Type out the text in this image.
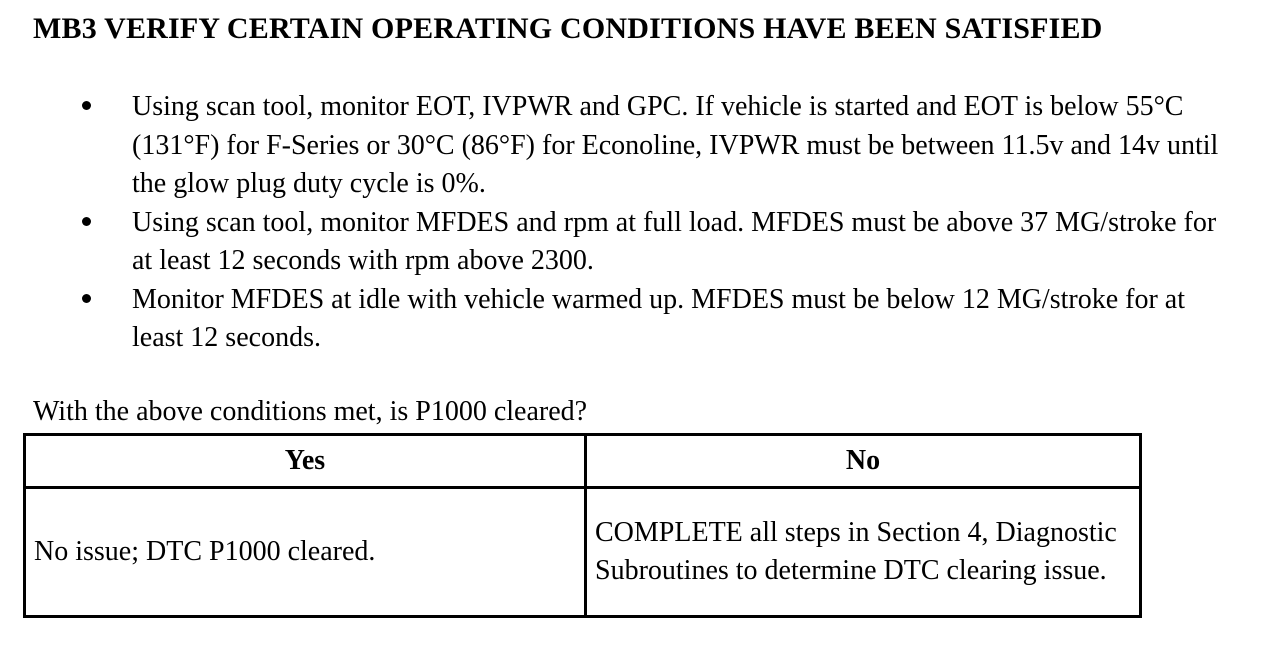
MB3 VERIFY CERTAIN OPERATING CONDITIONS HAVE BEEN SATISFIED
Using scan tool, monitor EOT, IVPWR and GPC. If vehicle is started and EOT is below 55°C (131°F) for F-Series or 30°C (86°F) for Econoline, IVPWR must be between 11.5v and 14v until the glow plug duty cycle is 0%.
Using scan tool, monitor MFDES and rpm at full load. MFDES must be above 37 MG/stroke for at least 12 seconds with rpm above 2300.
Monitor MFDES at idle with vehicle warmed up. MFDES must be below 12 MG/stroke for at least 12 seconds.
With the above conditions met, is P1000 cleared?
Yes	No
No issue; DTC P1000 cleared.	COMPLETE all steps in Section 4, Diagnostic Subroutines to determine DTC clearing issue.
